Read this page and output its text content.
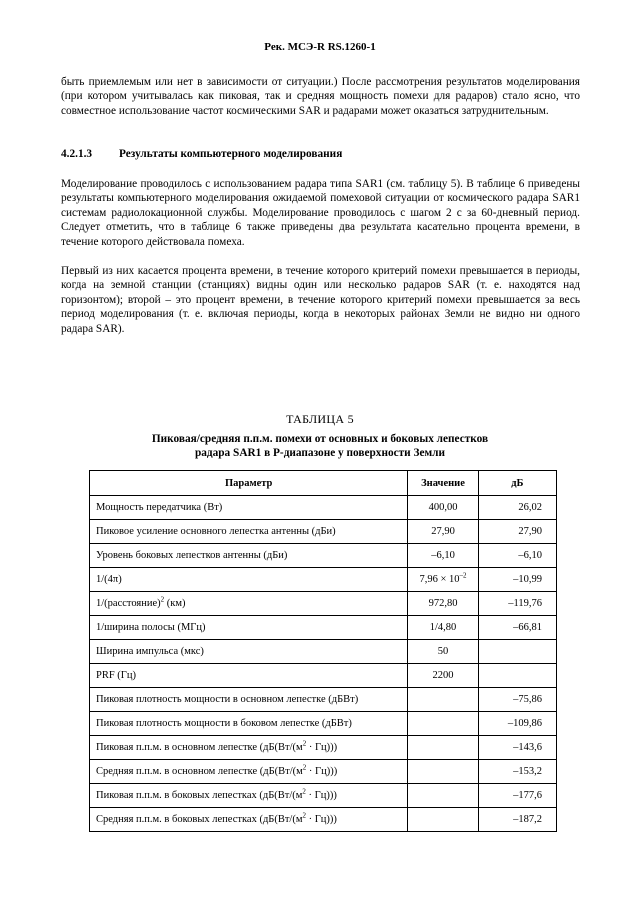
Рек. МСЭ-R RS.1260-1

быть приемлемым или нет в зависимости от ситуации.) После рассмотрения результатов моделирования (при котором учитывалась как пиковая, так и средняя мощность помехи для радаров) стало ясно, что совместное использование частот космическими SAR и радарами может оказаться затруднительным.

4.2.1.3 Результаты компьютерного моделирования

Моделирование проводилось с использованием радара типа SAR1 (см. таблицу 5). В таблице 6 приведены результаты компьютерного моделирования ожидаемой помеховой ситуации от космического радара SAR1 системам радиолокационной службы. Моделирование проводилось с шагом 2 с за 60-дневный период. Следует отметить, что в таблице 6 также приведены два результата касательно процента времени, в течение которого действовала помеха.

Первый из них касается процента времени, в течение которого критерий помехи превышается в периоды, когда на земной станции (станциях) видны один или несколько радаров SAR (т. е. находятся над горизонтом); второй – это процент времени, в течение которого критерий помехи превышается за весь период моделирования (т. е. включая периоды, когда в некоторых районах Земли не видно ни одного радара SAR).

ТАБЛИЦА 5
Пиковая/средняя п.п.м. помехи от основных и боковых лепестков
радара SAR1 в Р-диапазоне у поверхности Земли
Параметр	Значение	дБ
Мощность передатчика (Вт)	400,00	26,02
Пиковое усиление основного лепестка антенны (дБи)	27,90	27,90
Уровень боковых лепестков антенны (дБи)	–6,10	–6,10
1/(4π)	$7,96 \times 10^{-2}$	–10,99
1/(расстояние)$^2$ (км)	972,80	–119,76
1/ширина полосы (МГц)	1/4,80	–66,81
Ширина импульса (мкс)	50	
PRF (Гц)	2200	
Пиковая плотность мощности в основном лепестке (дБВт)		–75,86
Пиковая плотность мощности в боковом лепестке (дБВт)		–109,86
Пиковая п.п.м. в основном лепестке $(дБ(Вт/(м^2 \cdot Гц)))$		–143,6
Средняя п.п.м. в основном лепестке $(дБ(Вт/(м^2 \cdot Гц)))$		–153,2
Пиковая п.п.м. в боковых лепестках $(дБ(Вт/(м^2 \cdot Гц)))$		–177,6
Средняя п.п.м. в боковых лепестках $(дБ(Вт/(м^2 \cdot Гц)))$		–187,2
